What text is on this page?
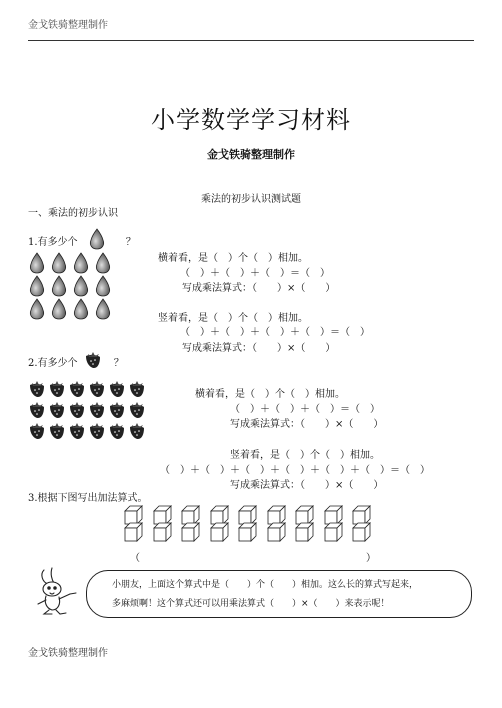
金戈铁骑整理制作
小学数学学习材料
金戈铁骑整理制作
乘法的初步认识测试题
一、乘法的初步认识
1.有多少个	？
横着看，是（　）个（　）相加。
（　）＋（　）＋（　）＝（　）
写成乘法算式：（　　）×（　　）
竖着看，是（　）个（　）相加。
（　）＋（　）＋（　）＋（　）＝（　）
写成乘法算式：（　　）×（　　）
2.有多少个	？
横着看，是（　）个（　）相加。
（　）＋（　）＋（　）＝（　）
写成乘法算式：（　　）×（　　）
竖着看，是（　）个（　）相加。
（　）＋（　）＋（　）＋（　）＋（　）＋（　）＝（　）
写成乘法算式：（　　）×（　　）
3.根据下图写出加法算式。
（	）
小朋友，上面这个算式中是（　　）个（　　）相加。这么长的算式写起来，
多麻烦啊！这个算式还可以用乘法算式（　　）×（　　）来表示呢！
金戈铁骑整理制作
